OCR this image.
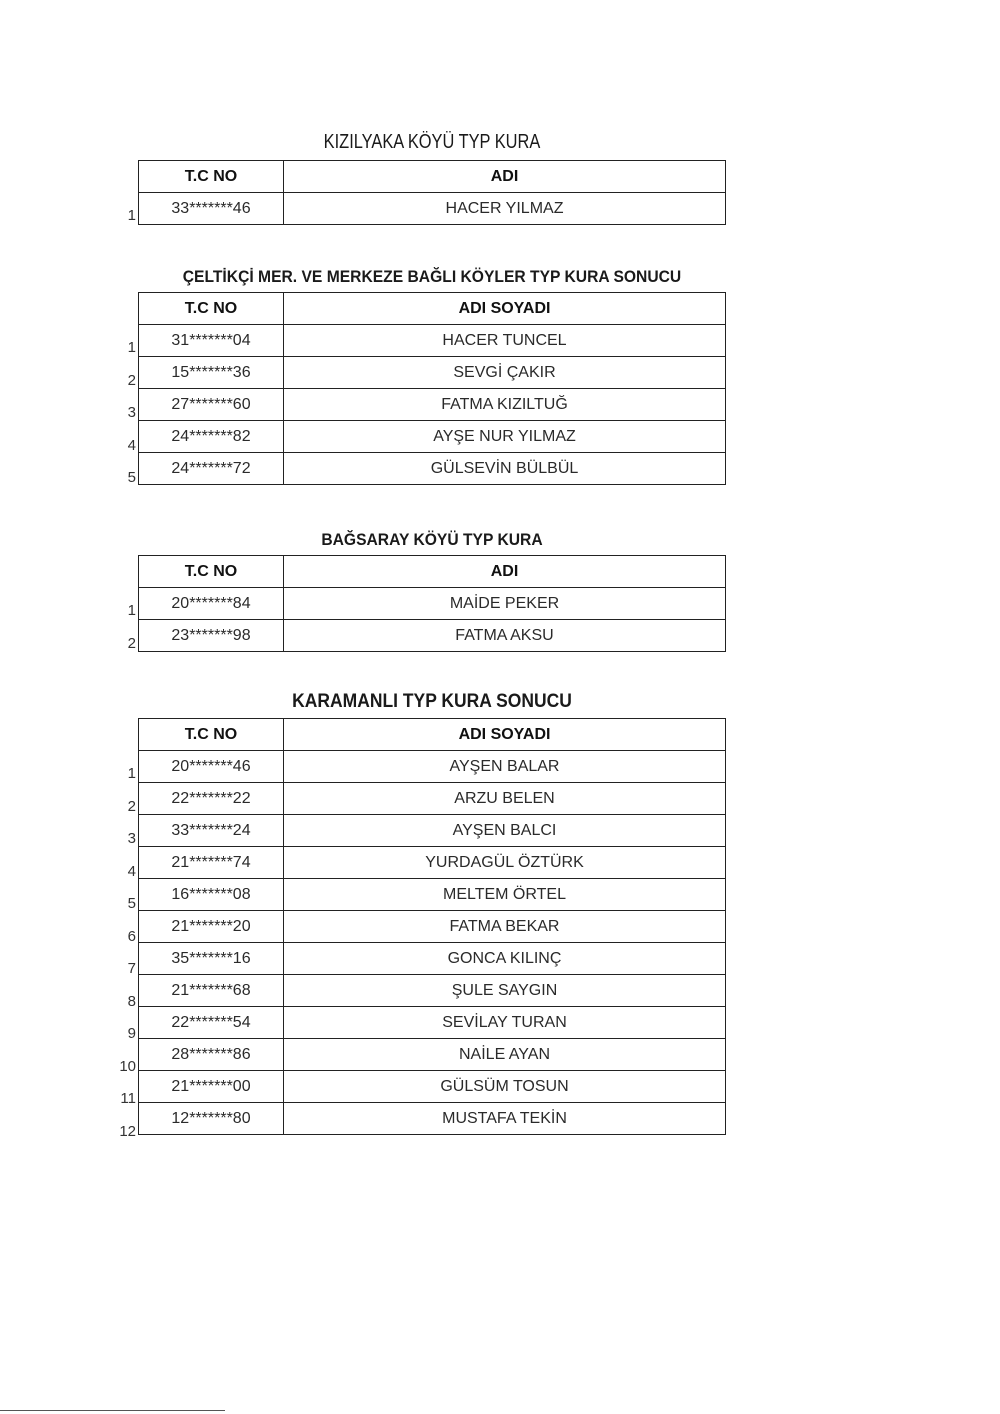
KIZILYAKA KÖYÜ TYP KURA
1
T.C NO	ADI
33*******46	HACER YILMAZ
ÇELTİKÇİ MER. VE MERKEZE BAĞLI KÖYLER TYP KURA SONUCU
1
2
3
4
5
T.C NO	ADI SOYADI
31*******04	HACER TUNCEL
15*******36	SEVGİ ÇAKIR
27*******60	FATMA KIZILTUĞ
24*******82	AYŞE NUR YILMAZ
24*******72	GÜLSEVİN BÜLBÜL
BAĞSARAY KÖYÜ TYP KURA
1
2
T.C NO	ADI
20*******84	MAİDE PEKER
23*******98	FATMA AKSU
KARAMANLI TYP KURA SONUCU
1
2
3
4
5
6
7
8
9
10
11
12
T.C NO	ADI SOYADI
20*******46	AYŞEN BALAR
22*******22	ARZU BELEN
33*******24	AYŞEN BALCI
21*******74	YURDAGÜL ÖZTÜRK
16*******08	MELTEM ÖRTEL
21*******20	FATMA BEKAR
35*******16	GONCA KILINÇ
21*******68	ŞULE SAYGIN
22*******54	SEVİLAY TURAN
28*******86	NAİLE AYAN
21*******00	GÜLSÜM TOSUN
12*******80	MUSTAFA TEKİN
